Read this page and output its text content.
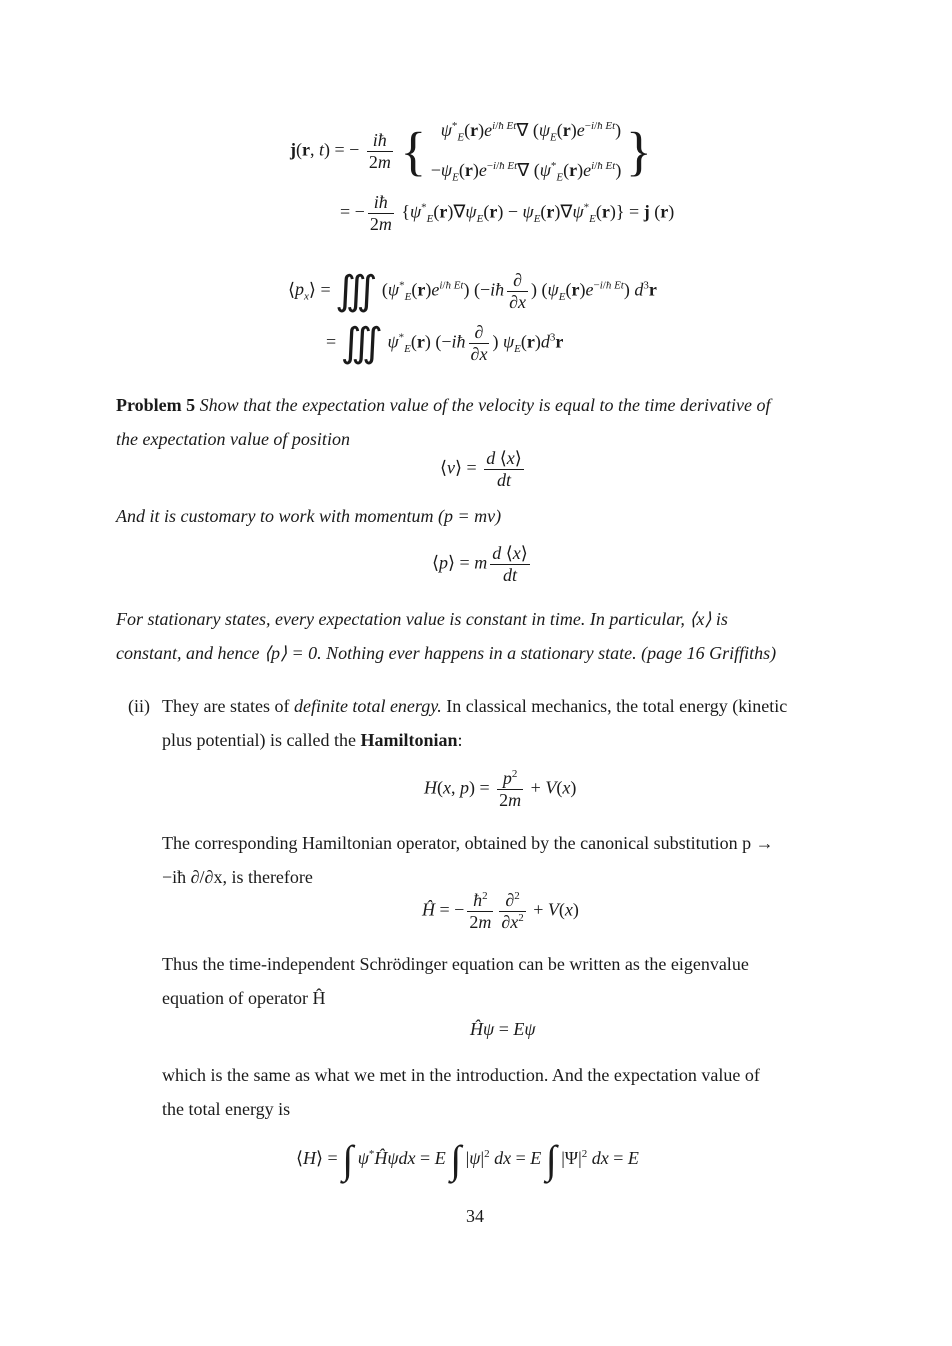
j(r, t) = − $\frac{iħ}{2m}$ { $\psi^*_E(r)e^{i/ħ Et}\nabla$ $(\psi_E(r)e^{-i/ħ Et})$
$-\psi_E(r)e^{-i/ħ Et}\nabla$ $(\psi^*_E(r)e^{i/ħ Et})$ }
= − $\frac{iħ}{2m} \{\psi^*_E(r)\nabla\psi_E(r) - \psi_E(r)\nabla\psi^*_E(r)\} = j$ (r)
$⟨p_x⟩$ = ∭ $(\psi^*_E(r)e^{i/ħ Et})$ (−iħ $\frac{\partial}{\partial x}$ ) $(\psi_E(r)e^{-i/ħ Et})$ $d^3r$
= ∭ $\psi^*_E(r)$ (−iħ $\frac{\partial}{\partial x}$ ) $\psi_E(r)d^3r$
Problem 5 Show that the expectation value of the velocity is equal to the time derivative of
the expectation value of position
⟨v⟩ = $\frac{d ⟨x⟩}{dt}$
And it is customary to work with momentum (p = mv)
⟨p⟩ = m $\frac{d ⟨x⟩}{dt}$
For stationary states, every expectation value is constant in time. In particular, ⟨x⟩ is
constant, and hence ⟨p⟩ = 0. Nothing ever happens in a stationary state. (page 16 Griffiths)
(ii) They are states of definite total energy. In classical mechanics, the total energy (kinetic
plus potential) is called the Hamiltonian:
H(x, $p) = \frac{p^2}{2m} + V(x)$
The corresponding Hamiltonian operator, obtained by the canonical substitution p →
−iħ ∂/∂x, is therefore
Ĥ = − $\frac{ħ^2}{2m} \frac{\partial^2}{\partial x^2} + V(x)$
Thus the time-independent Schrödinger equation can be written as the eigenvalue
equation of operator Ĥ
Ĥψ = Eψ
which is the same as what we met in the introduction. And the expectation value of
the total energy is
⟨H⟩ = ∫ ψ*Ĥψdx = E ∫ $|\psi|^2$ dx = E ∫ $|\Psi|^2$ dx = E
34
